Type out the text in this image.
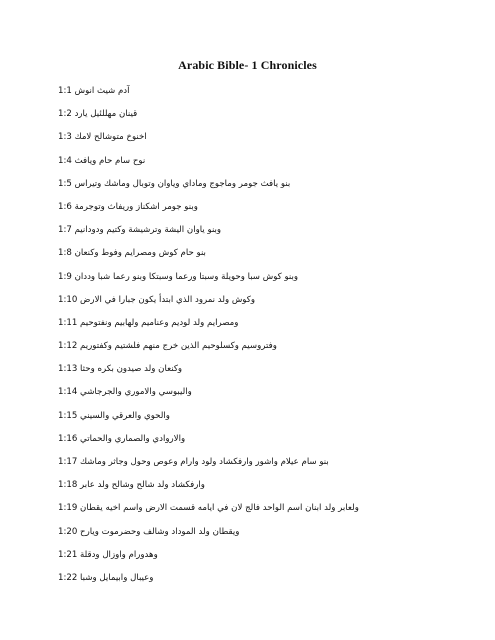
Arabic Bible- 1 Chronicles
آدم شيث انوش 1:1
قينان مهللئيل يارد 1:2
اخنوخ متوشالح لامك 1:3
نوح سام حام ويافث 1:4
بنو يافث جومر وماجوج وماداي وياوان وتوبال وماشك وتيراس 1:5
وبنو جومر اشكناز وريفاث وتوجرمة 1:6
وبنو ياوان اليشة وترشيشة وكتيم ودودانيم 1:7
بنو حام كوش ومصرايم وفوط وكنعان 1:8
وبنو كوش سبا وحويلة وسبتا ورعما وسبتكا وبنو رعما شبا وددان 1:9
وكوش ولد نمرود الذي ابتدأ يكون جبارا في الارض 1:10
ومصرايم ولد لوديم وعناميم ولهابيم ونفتوحيم 1:11
وفتروسيم وكسلوحيم الذين خرج منهم فلشتيم وكفتوريم 1:12
وكنعان ولد صيدون بكره وحثا 1:13
واليبوسي والاموري والجرجاشي 1:14
والحوي والعرقي والسيني 1:15
والاروادي والصماري والحماتي 1:16
بنو سام عيلام واشور وارفكشاد ولود وارام وعوص وحول وجاثر وماشك 1:17
وارفكشاد ولد شالح وشالح ولد عابر 1:18
ولعابر ولد ابنان اسم الواحد فالج لان في ايامه قسمت الارض واسم اخيه يقطان 1:19
ويقطان ولد الموداد وشالف وحضرموت ويارح 1:20
وهدورام واوزال ودقلة 1:21
وعيبال وابيمايل وشبا 1:22
